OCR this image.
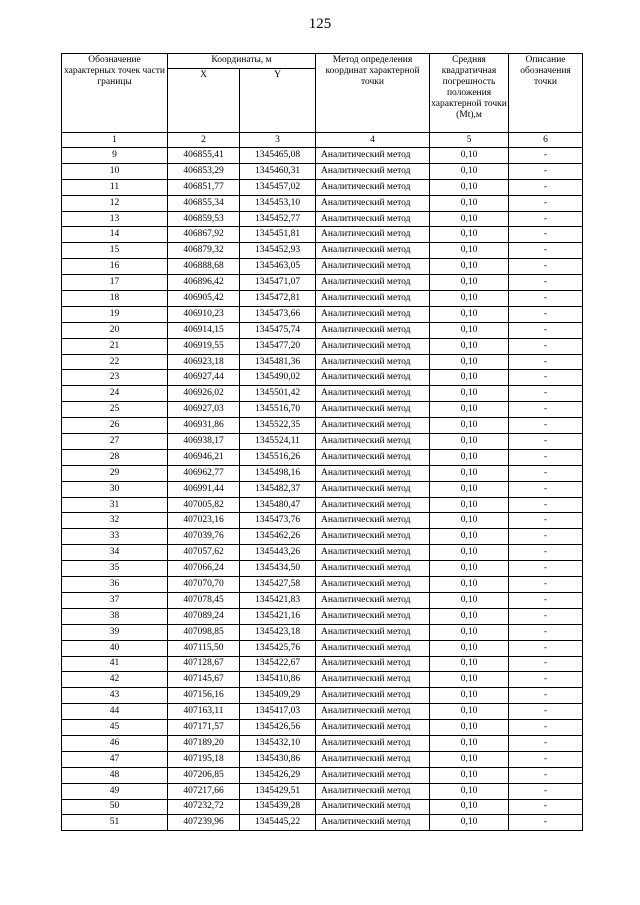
125
Обозначение характерных точек части границы	Координаты, м		Метод определения координат характерной точки	Средняя квадратичная погрешность положения характерной точки (Mt),м	Описание обозначения точки
	X	Y			
1	2	3	4	5	6
9	406855,41	1345465,08	Аналитический метод	0,10	-
10	406853,29	1345460,31	Аналитический метод	0,10	-
11	406851,77	1345457,02	Аналитический метод	0,10	-
12	406855,34	1345453,10	Аналитический метод	0,10	-
13	406859,53	1345452,77	Аналитический метод	0,10	-
14	406867,92	1345451,81	Аналитический метод	0,10	-
15	406879,32	1345452,93	Аналитический метод	0,10	-
16	406888,68	1345463,05	Аналитический метод	0,10	-
17	406896,42	1345471,07	Аналитический метод	0,10	-
18	406905,42	1345472,81	Аналитический метод	0,10	-
19	406910,23	1345473,66	Аналитический метод	0,10	-
20	406914,15	1345475,74	Аналитический метод	0,10	-
21	406919,55	1345477,20	Аналитический метод	0,10	-
22	406923,18	1345481,36	Аналитический метод	0,10	-
23	406927,44	1345490,02	Аналитический метод	0,10	-
24	406926,02	1345501,42	Аналитический метод	0,10	-
25	406927,03	1345516,70	Аналитический метод	0,10	-
26	406931,86	1345522,35	Аналитический метод	0,10	-
27	406938,17	1345524,11	Аналитический метод	0,10	-
28	406946,21	1345516,26	Аналитический метод	0,10	-
29	406962,77	1345498,16	Аналитический метод	0,10	-
30	406991,44	1345482,37	Аналитический метод	0,10	-
31	407005,82	1345480,47	Аналитический метод	0,10	-
32	407023,16	1345473,76	Аналитический метод	0,10	-
33	407039,76	1345462,26	Аналитический метод	0,10	-
34	407057,62	1345443,26	Аналитический метод	0,10	-
35	407066,24	1345434,50	Аналитический метод	0,10	-
36	407070,70	1345427,58	Аналитический метод	0,10	-
37	407078,45	1345421,83	Аналитический метод	0,10	-
38	407089,24	1345421,16	Аналитический метод	0,10	-
39	407098,85	1345423,18	Аналитический метод	0,10	-
40	407115,50	1345425,76	Аналитический метод	0,10	-
41	407128,67	1345422,67	Аналитический метод	0,10	-
42	407145,67	1345410,86	Аналитический метод	0,10	-
43	407156,16	1345409,29	Аналитический метод	0,10	-
44	407163,11	1345417,03	Аналитический метод	0,10	-
45	407171,57	1345426,56	Аналитический метод	0,10	-
46	407189,20	1345432,10	Аналитический метод	0,10	-
47	407195,18	1345430,86	Аналитический метод	0,10	-
48	407206,85	1345426,29	Аналитический метод	0,10	-
49	407217,66	1345429,51	Аналитический метод	0,10	-
50	407232,72	1345439,28	Аналитический метод	0,10	-
51	407239,96	1345445,22	Аналитический метод	0,10	-
